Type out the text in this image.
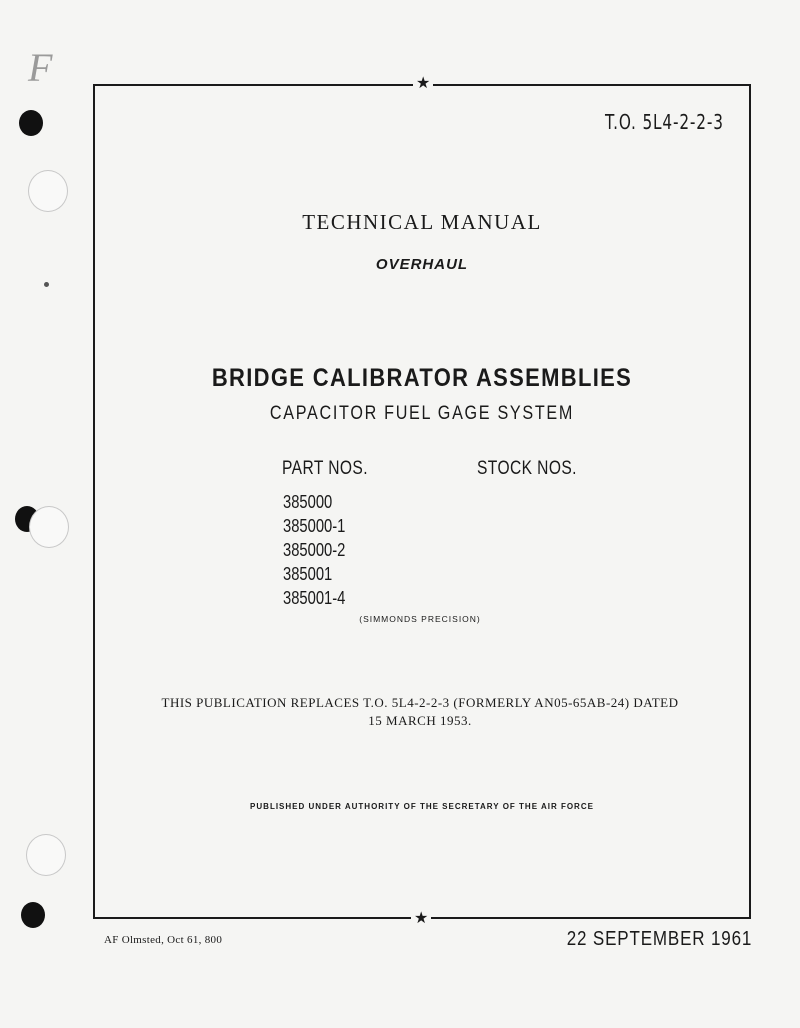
F	★
★
T.O. 5L4-2-2-3
TECHNICAL MANUAL
OVERHAUL
BRIDGE CALIBRATOR ASSEMBLIES
CAPACITOR FUEL GAGE SYSTEM
PART NOS.	STOCK NOS.
385000
385000-1
385000-2
385001
385001-4
(SIMMONDS PRECISION)
THIS PUBLICATION REPLACES T.O. 5L4-2-2-3 (FORMERLY AN05-65AB-24) DATED
15 MARCH 1953.
PUBLISHED UNDER AUTHORITY OF THE SECRETARY OF THE AIR FORCE
AF Olmsted, Oct 61, 800	22 SEPTEMBER 1961
